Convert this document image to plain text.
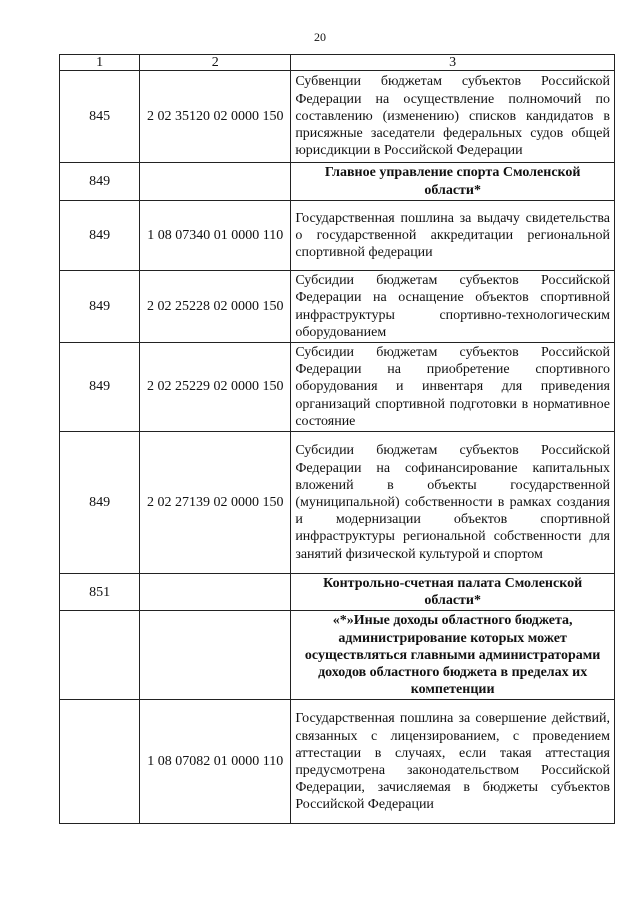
20
1	2	3
845	2 02 35120 02 0000 150	Субвенции бюджетам субъектов Российской Федерации на осуществление полномочий по составлению (изменению) списков кандидатов в присяжные заседатели федеральных судов общей юрисдикции в Российской Федерации
849		Главное управление спорта Смоленской области*
849	1 08 07340 01 0000 110	Государственная пошлина за выдачу свидетельства о государственной аккредитации региональной спортивной федерации
849	2 02 25228 02 0000 150	Субсидии бюджетам субъектов Российской Федерации на оснащение объектов спортивной инфраструктуры спортивно-технологическим оборудованием
849	2 02 25229 02 0000 150	Субсидии бюджетам субъектов Российской Федерации на приобретение спортивного оборудования и инвентаря для приведения организаций спортивной подготовки в нормативное состояние
849	2 02 27139 02 0000 150	Субсидии бюджетам субъектов Российской Федерации на софинансирование капитальных вложений в объекты государственной (муниципальной) собственности в рамках создания и модернизации объектов спортивной инфраструктуры региональной собственности для занятий физической культурой и спортом
851		Контрольно-счетная палата Смоленской области*
		«*»Иные доходы областного бюджета, администрирование которых может осуществляться главными администраторами доходов областного бюджета в пределах их компетенции
	1 08 07082 01 0000 110	Государственная пошлина за совершение действий, связанных с лицензированием, с проведением аттестации в случаях, если такая аттестация предусмотрена законодательством Российской Федерации, зачисляемая в бюджеты субъектов Российской Федерации
